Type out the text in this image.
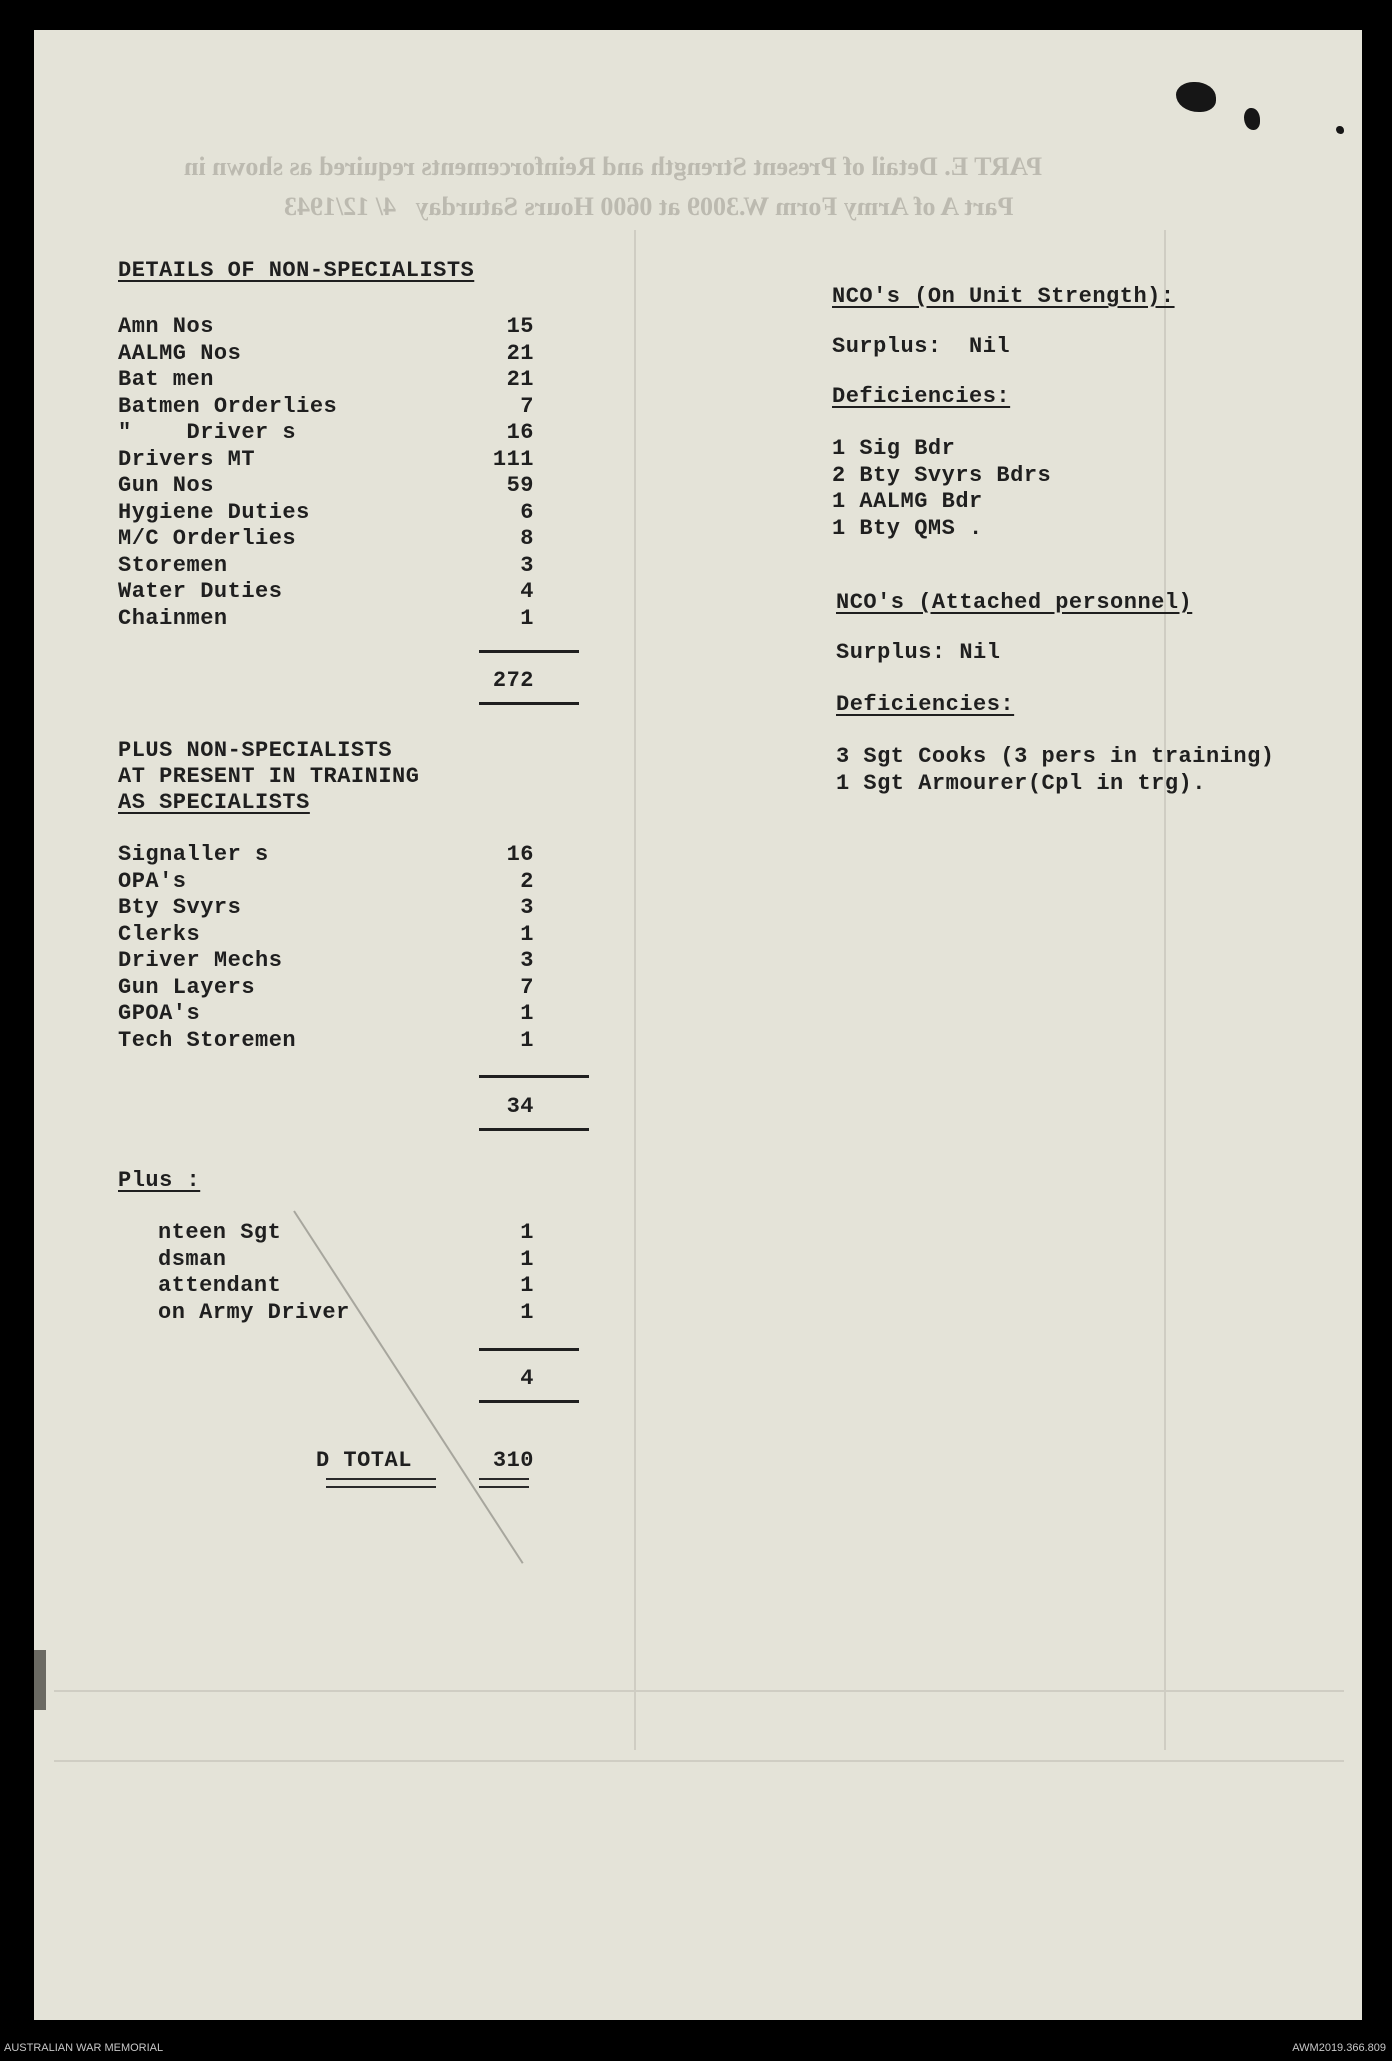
PART E. Detail of Present Strength and Reinforcements required as shown in
Part A of Army Form W.3009 at 0600 Hours Saturday   4/ 12/1943
DETAILS OF NON-SPECIALISTS
Amn Nos	15
AALMG Nos	21
Bat men	21
Batmen Orderlies	7
"    Driver s	16
Drivers MT	111
Gun Nos	59
Hygiene Duties	6
M/C Orderlies	8
Storemen	3
Water Duties	4
Chainmen	1
272
PLUS NON-SPECIALISTS
AT PRESENT IN TRAINING
AS SPECIALISTS
Signaller s	16
OPA's	2
Bty Svyrs	3
Clerks	1
Driver Mechs	3
Gun Layers	7
GPOA's	1
Tech Storemen	1
34
Plus :
nteen Sgt	1
dsman	1
attendant	1
on Army Driver	1
4
D TOTAL	310
NCO's (On Unit Strength):
Surplus:  Nil
Deficiencies:
1 Sig Bdr
2 Bty Svyrs Bdrs
1 AALMG Bdr
1 Bty QMS .
NCO's (Attached personnel)
Surplus: Nil
Deficiencies:
3 Sgt Cooks (3 pers in training)
1 Sgt Armourer(Cpl in trg).
AUSTRALIAN WAR MEMORIAL	AWM2019.366.809
